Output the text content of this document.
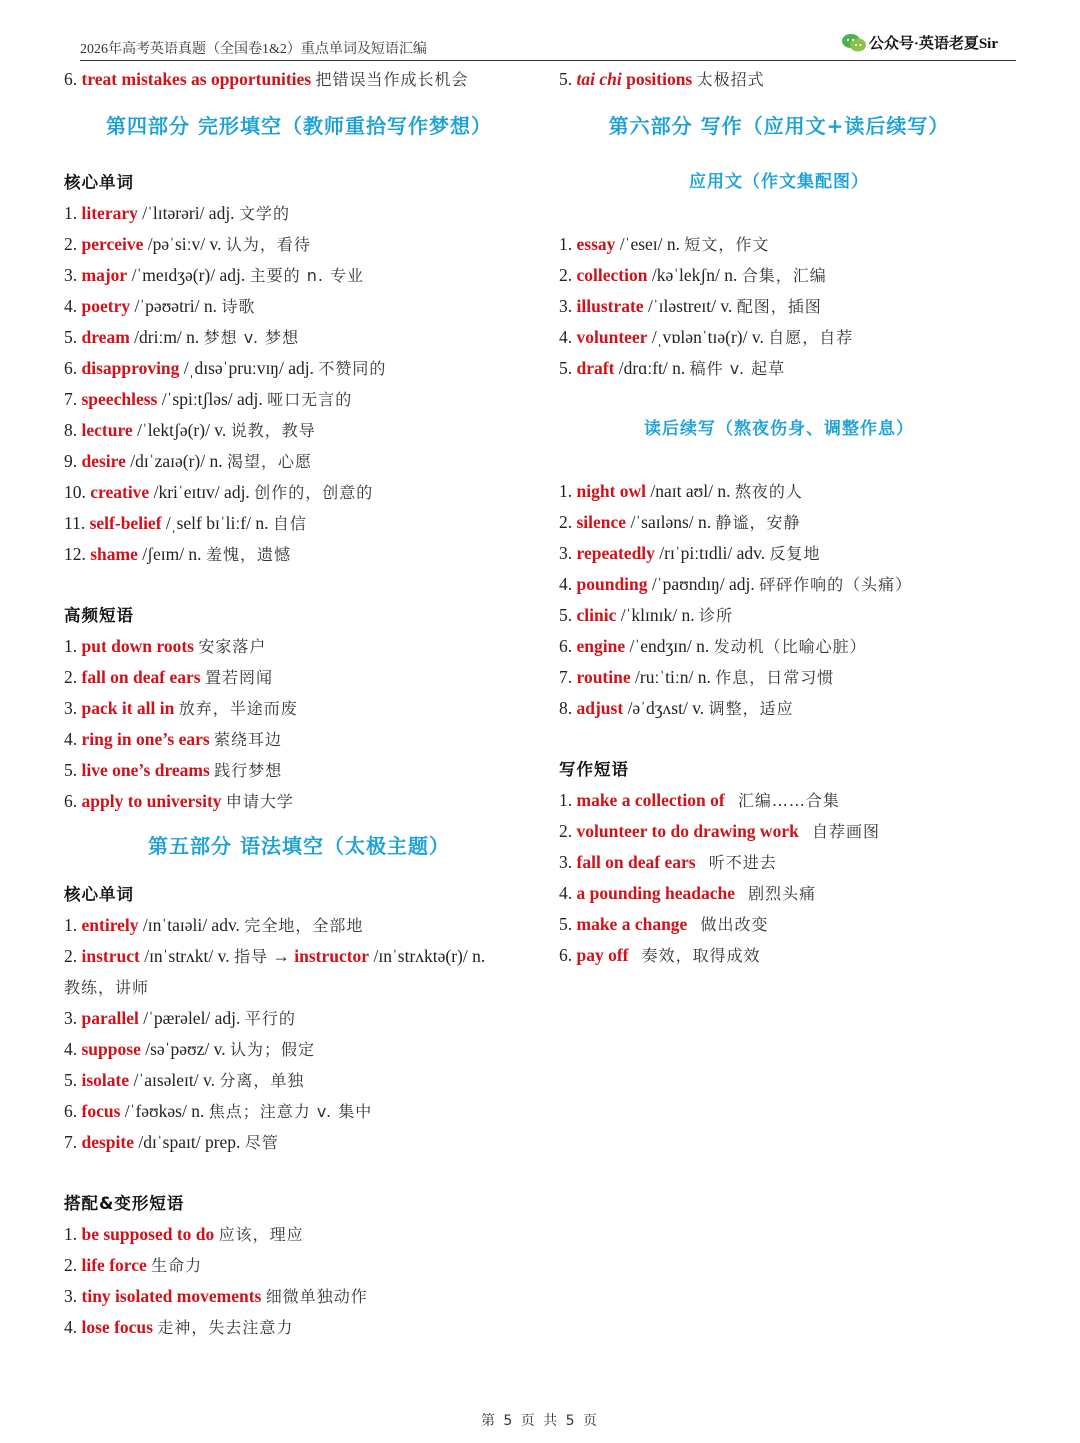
2026年高考英语真题（全国卷1&2）重点单词及短语汇编	公众号·英语老夏Sir
6. treat mistakes as opportunities 把错误当作成长机会
第四部分 完形填空（教师重拾写作梦想）
核心单词
1. literary /ˈlɪtərəri/ adj. 文学的
2. perceive /pəˈsiːv/ v. 认为，看待
3. major /ˈmeɪdʒə(r)/ adj. 主要的 n. 专业
4. poetry /ˈpəʊətri/ n. 诗歌
5. dream /driːm/ n. 梦想 v. 梦想
6. disapproving /ˌdɪsəˈpruːvɪŋ/ adj. 不赞同的
7. speechless /ˈspiːtʃləs/ adj. 哑口无言的
8. lecture /ˈlektʃə(r)/ v. 说教，教导
9. desire /dɪˈzaɪə(r)/ n. 渴望，心愿
10. creative /kriˈeɪtɪv/ adj. 创作的，创意的
11. self-belief /ˌself bɪˈliːf/ n. 自信
12. shame /ʃeɪm/ n. 羞愧，遗憾
高频短语
1. put down roots 安家落户
2. fall on deaf ears 置若罔闻
3. pack it all in 放弃，半途而废
4. ring in one’s ears 萦绕耳边
5. live one’s dreams 践行梦想
6. apply to university 申请大学
第五部分 语法填空（太极主题）
核心单词
1. entirely /ɪnˈtaɪəli/ adv. 完全地，全部地
2. instruct /ɪnˈstrʌkt/ v. 指导 → instructor /ɪnˈstrʌktə(r)/ n.
教练，讲师
3. parallel /ˈpærəlel/ adj. 平行的
4. suppose /səˈpəʊz/ v. 认为；假定
5. isolate /ˈaɪsəleɪt/ v. 分离，单独
6. focus /ˈfəʊkəs/ n. 焦点；注意力 v. 集中
7. despite /dɪˈspaɪt/ prep. 尽管
搭配&变形短语
1. be supposed to do 应该，理应
2. life force 生命力
3. tiny isolated movements 细微单独动作
4. lose focus 走神，失去注意力
5. tai chi positions 太极招式
第六部分 写作（应用文+读后续写）
应用文（作文集配图）
1. essay /ˈeseɪ/ n. 短文，作文
2. collection /kəˈlekʃn/ n. 合集，汇编
3. illustrate /ˈɪləstreɪt/ v. 配图，插图
4. volunteer /ˌvɒlənˈtɪə(r)/ v. 自愿，自荐
5. draft /drɑːft/ n. 稿件 v. 起草
读后续写（熬夜伤身、调整作息）
1. night owl /naɪt aʊl/ n. 熬夜的人
2. silence /ˈsaɪləns/ n. 静谧，安静
3. repeatedly /rɪˈpiːtɪdli/ adv. 反复地
4. pounding /ˈpaʊndɪŋ/ adj. 砰砰作响的（头痛）
5. clinic /ˈklɪnɪk/ n. 诊所
6. engine /ˈendʒɪn/ n. 发动机（比喻心脏）
7. routine /ruːˈtiːn/ n. 作息，日常习惯
8. adjust /əˈdʒʌst/ v. 调整，适应
写作短语
1. make a collection of 汇编……合集
2. volunteer to do drawing work 自荐画图
3. fall on deaf ears 听不进去
4. a pounding headache 剧烈头痛
5. make a change 做出改变
6. pay off 奏效，取得成效
第 5 页 共 5 页
